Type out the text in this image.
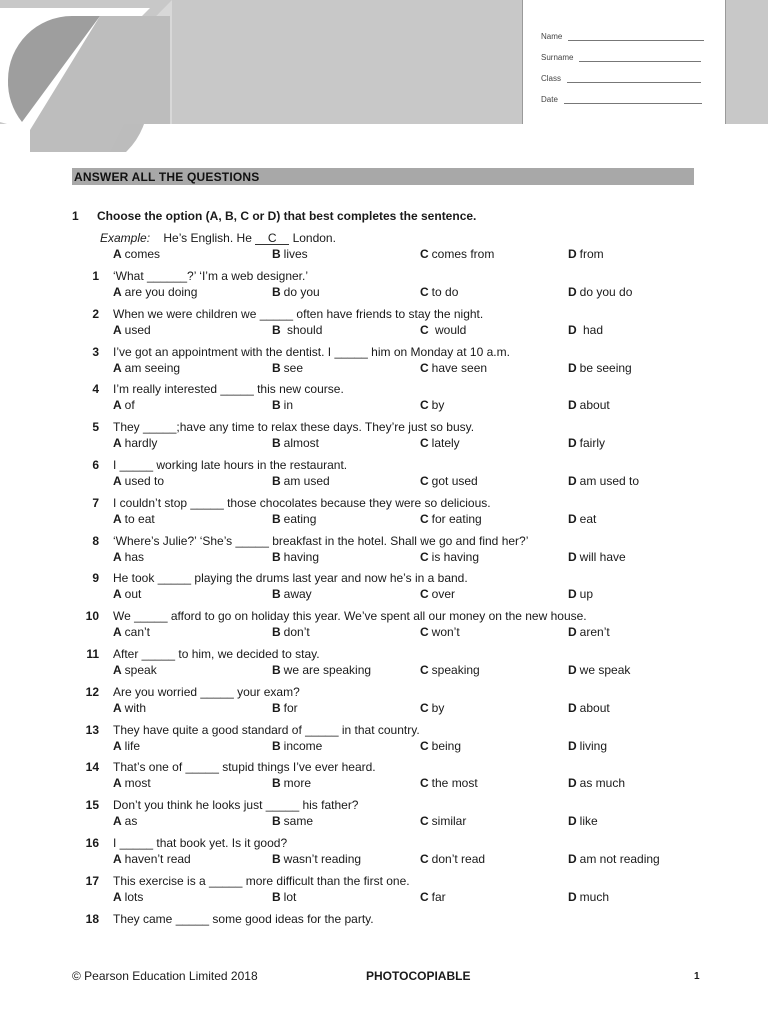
Name
Surname
Class
Date
ANSWER ALL THE QUESTIONS
1 Choose the option (A, B, C or D) that best completes the sentence.
Example: He’s English. He C London.
A comes	B lives	C comes from	D from
1 ‘What ______?’ ‘I’m a web designer.’
A are you doing	B do you	C to do	D do you do
2 When we were children we _____ often have friends to stay the night.
A used	B should	C would	D had
3 I’ve got an appointment with the dentist. I _____ him on Monday at 10 a.m.
A am seeing	B see	C have seen	D be seeing
4 I’m really interested _____ this new course.
A of	B in	C by	D about
5 They _____;have any time to relax these days. They’re just so busy.
A hardly	B almost	C lately	D fairly
6 I _____ working late hours in the restaurant.
A used to	B am used	C got used	D am used to
7 I couldn’t stop _____ those chocolates because they were so delicious.
A to eat	B eating	C for eating	D eat
8 ‘Where’s Julie?’ ‘She’s _____ breakfast in the hotel. Shall we go and find her?’
A has	B having	C is having	D will have
9 He took _____ playing the drums last year and now he’s in a band.
A out	B away	C over	D up
10 We _____ afford to go on holiday this year. We’ve spent all our money on the new house.
A can’t	B don’t	C won’t	D aren’t
11 After _____ to him, we decided to stay.
A speak	B we are speaking	C speaking	D we speak
12 Are you worried _____ your exam?
A with	B for	C by	D about
13 They have quite a good standard of _____ in that country.
A life	B income	C being	D living
14 That’s one of _____ stupid things I’ve ever heard.
A most	B more	C the most	D as much
15 Don’t you think he looks just _____ his father?
A as	B same	C similar	D like
16 I _____ that book yet. Is it good?
A haven’t read	B wasn’t reading	C don’t read	D am not reading
17 This exercise is a _____ more difficult than the first one.
A lots	B lot	C far	D much
18 They came _____ some good ideas for the party.
© Pearson Education Limited 2018	PHOTOCOPIABLE	1
